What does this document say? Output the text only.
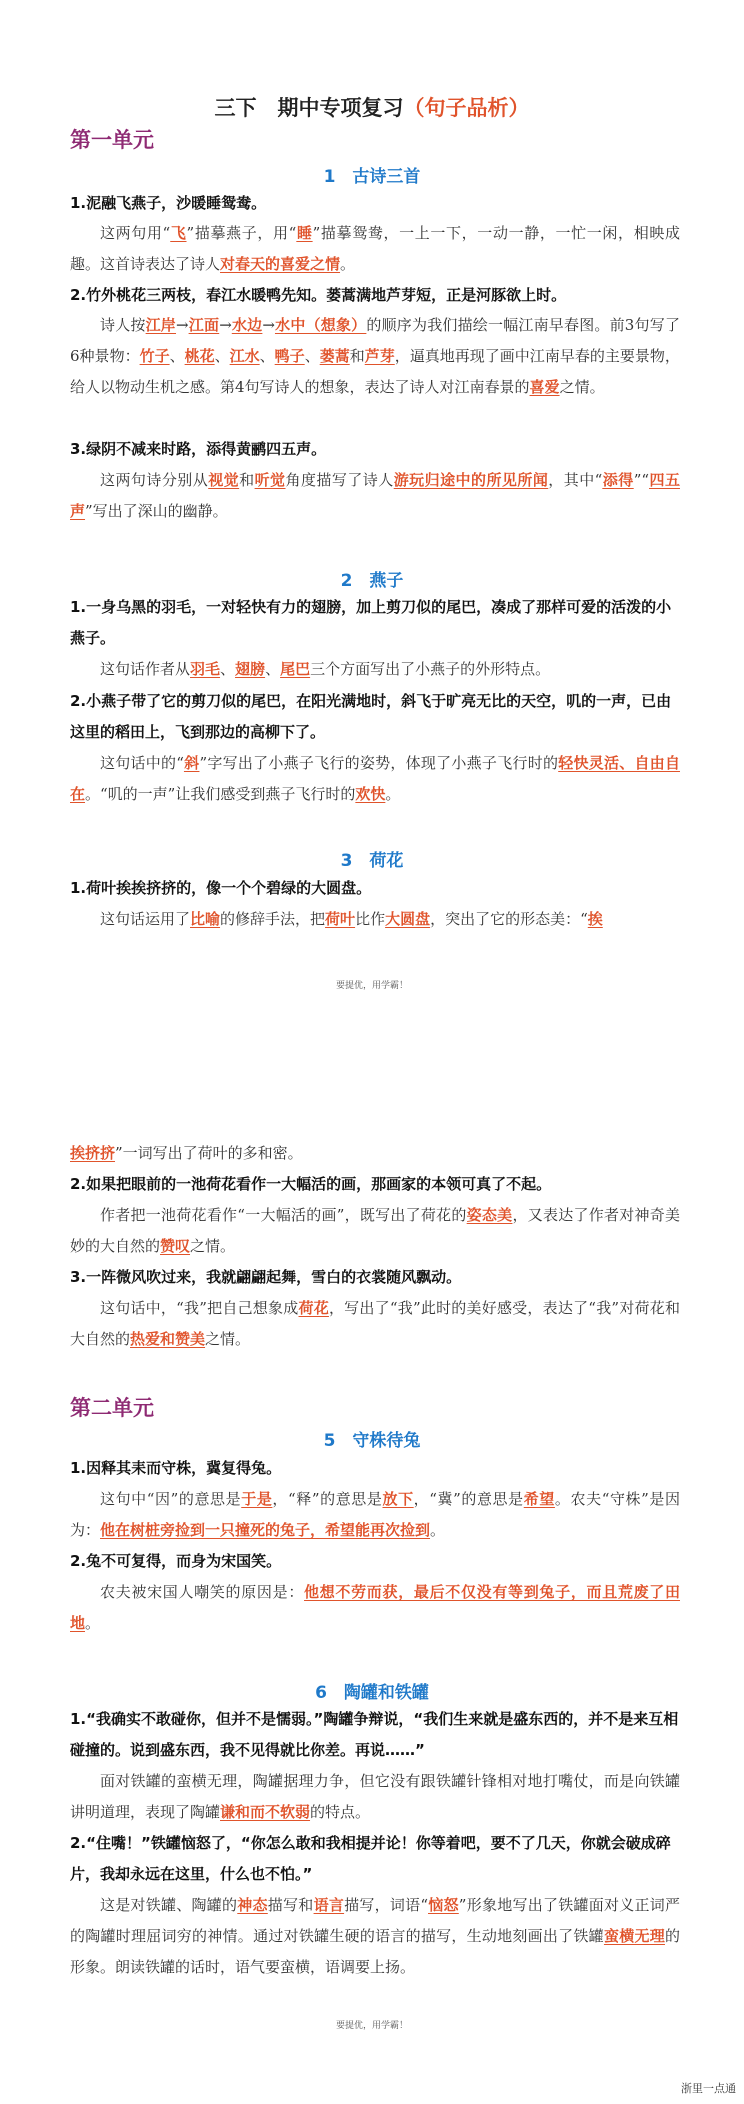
三下　期中专项复习（句子品析）
第一单元
1　古诗三首
1.泥融飞燕子，沙暖睡鸳鸯。
这两句用“飞”描摹燕子，用“睡”描摹鸳鸯，一上一下，一动一静，一忙一闲，相映成趣。这首诗表达了诗人对春天的喜爱之情。
2.竹外桃花三两枝，春江水暖鸭先知。蒌蒿满地芦芽短，正是河豚欲上时。
诗人按江岸→江面→水边→水中（想象）的顺序为我们描绘一幅江南早春图。前3句写了6种景物：竹子、桃花、江水、鸭子、蒌蒿和芦芽，逼真地再现了画中江南早春的主要景物，给人以物动生机之感。第4句写诗人的想象，表达了诗人对江南春景的喜爱之情。
3.绿阴不减来时路，添得黄鹂四五声。
这两句诗分别从视觉和听觉角度描写了诗人游玩归途中的所见所闻，其中“添得”“四五声”写出了深山的幽静。
2　燕子
1.一身乌黑的羽毛，一对轻快有力的翅膀，加上剪刀似的尾巴，凑成了那样可爱的活泼的小燕子。
这句话作者从羽毛、翅膀、尾巴三个方面写出了小燕子的外形特点。
2.小燕子带了它的剪刀似的尾巴，在阳光满地时，斜飞于旷亮无比的天空，叽的一声，已由这里的稻田上，飞到那边的高柳下了。
这句话中的“斜”字写出了小燕子飞行的姿势，体现了小燕子飞行时的轻快灵活、自由自在。“叽的一声”让我们感受到燕子飞行时的欢快。
3　荷花
1.荷叶挨挨挤挤的，像一个个碧绿的大圆盘。
这句话运用了比喻的修辞手法，把荷叶比作大圆盘，突出了它的形态美：“挨
要提优，用学霸！
挨挤挤”一词写出了荷叶的多和密。
2.如果把眼前的一池荷花看作一大幅活的画，那画家的本领可真了不起。
作者把一池荷花看作“一大幅活的画”，既写出了荷花的姿态美，又表达了作者对神奇美妙的大自然的赞叹之情。
3.一阵微风吹过来，我就翩翩起舞，雪白的衣裳随风飘动。
这句话中，“我”把自己想象成荷花，写出了“我”此时的美好感受，表达了“我”对荷花和大自然的热爱和赞美之情。
第二单元
5　守株待兔
1.因释其耒而守株，冀复得兔。
这句中“因”的意思是于是，“释”的意思是放下，“冀”的意思是希望。农夫“守株”是因为：他在树桩旁捡到一只撞死的兔子，希望能再次捡到。
2.兔不可复得，而身为宋国笑。
农夫被宋国人嘲笑的原因是：他想不劳而获，最后不仅没有等到兔子，而且荒废了田地。
6　陶罐和铁罐
1.“我确实不敢碰你，但并不是懦弱。”陶罐争辩说，“我们生来就是盛东西的，并不是来互相碰撞的。说到盛东西，我不见得就比你差。再说……”
面对铁罐的蛮横无理，陶罐据理力争，但它没有跟铁罐针锋相对地打嘴仗，而是向铁罐讲明道理，表现了陶罐谦和而不软弱的特点。
2.“住嘴！”铁罐恼怒了，“你怎么敢和我相提并论！你等着吧，要不了几天，你就会破成碎片，我却永远在这里，什么也不怕。”
这是对铁罐、陶罐的神态描写和语言描写，词语“恼怒”形象地写出了铁罐面对义正词严的陶罐时理屈词穷的神情。通过对铁罐生硬的语言的描写，生动地刻画出了铁罐蛮横无理的形象。朗读铁罐的话时，语气要蛮横，语调要上扬。
要提优，用学霸！
浙里一点通
